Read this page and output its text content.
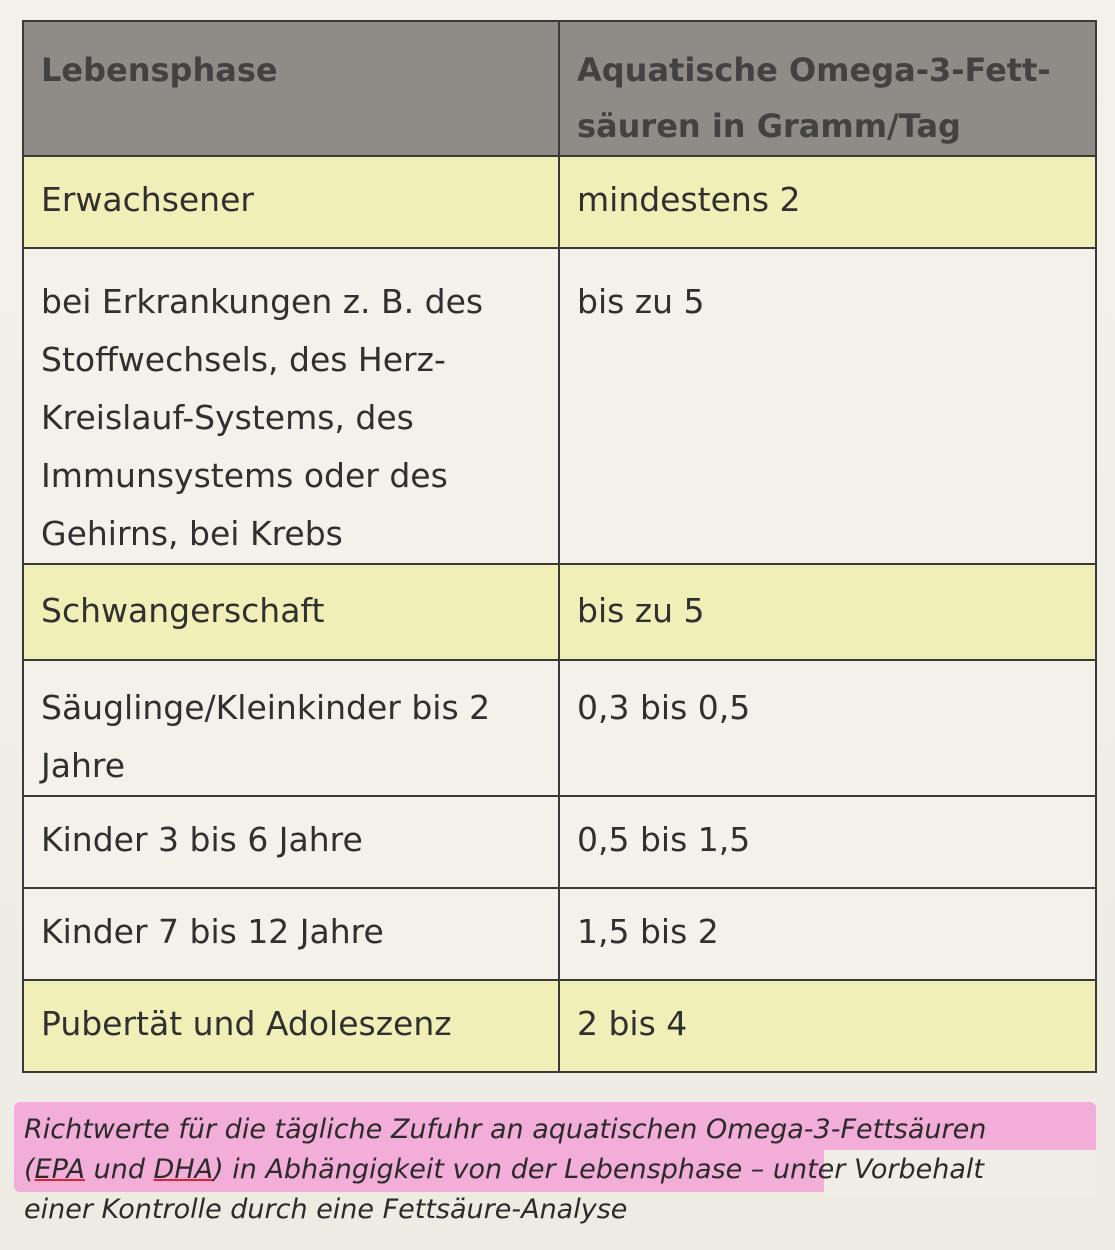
Lebensphase	Aquatische Omega-3-Fett-
säuren in Gramm/Tag

Erwachsener	mindestens 2

bei Erkrankungen z. B. des
Stoffwechsels, des Herz-
Kreislauf-Systems, des
Immunsystems oder des
Gehirns, bei Krebs	bis zu 5
Schwangerschaft	bis zu 5

Säuglinge/Kleinkinder bis 2
Jahre	0,3 bis 0,5
Kinder 3 bis 6 Jahre	0,5 bis 1,5
Kinder 7 bis 12 Jahre	1,5 bis 2
Pubertät und Adoleszenz	2 bis 4
Richtwerte für die tägliche Zufuhr an aquatischen Omega-3-Fettsäuren
(EPA und DHA) in Abhängigkeit von der Lebensphase – unter Vorbehalt
einer Kontrolle durch eine Fettsäure-Analyse
